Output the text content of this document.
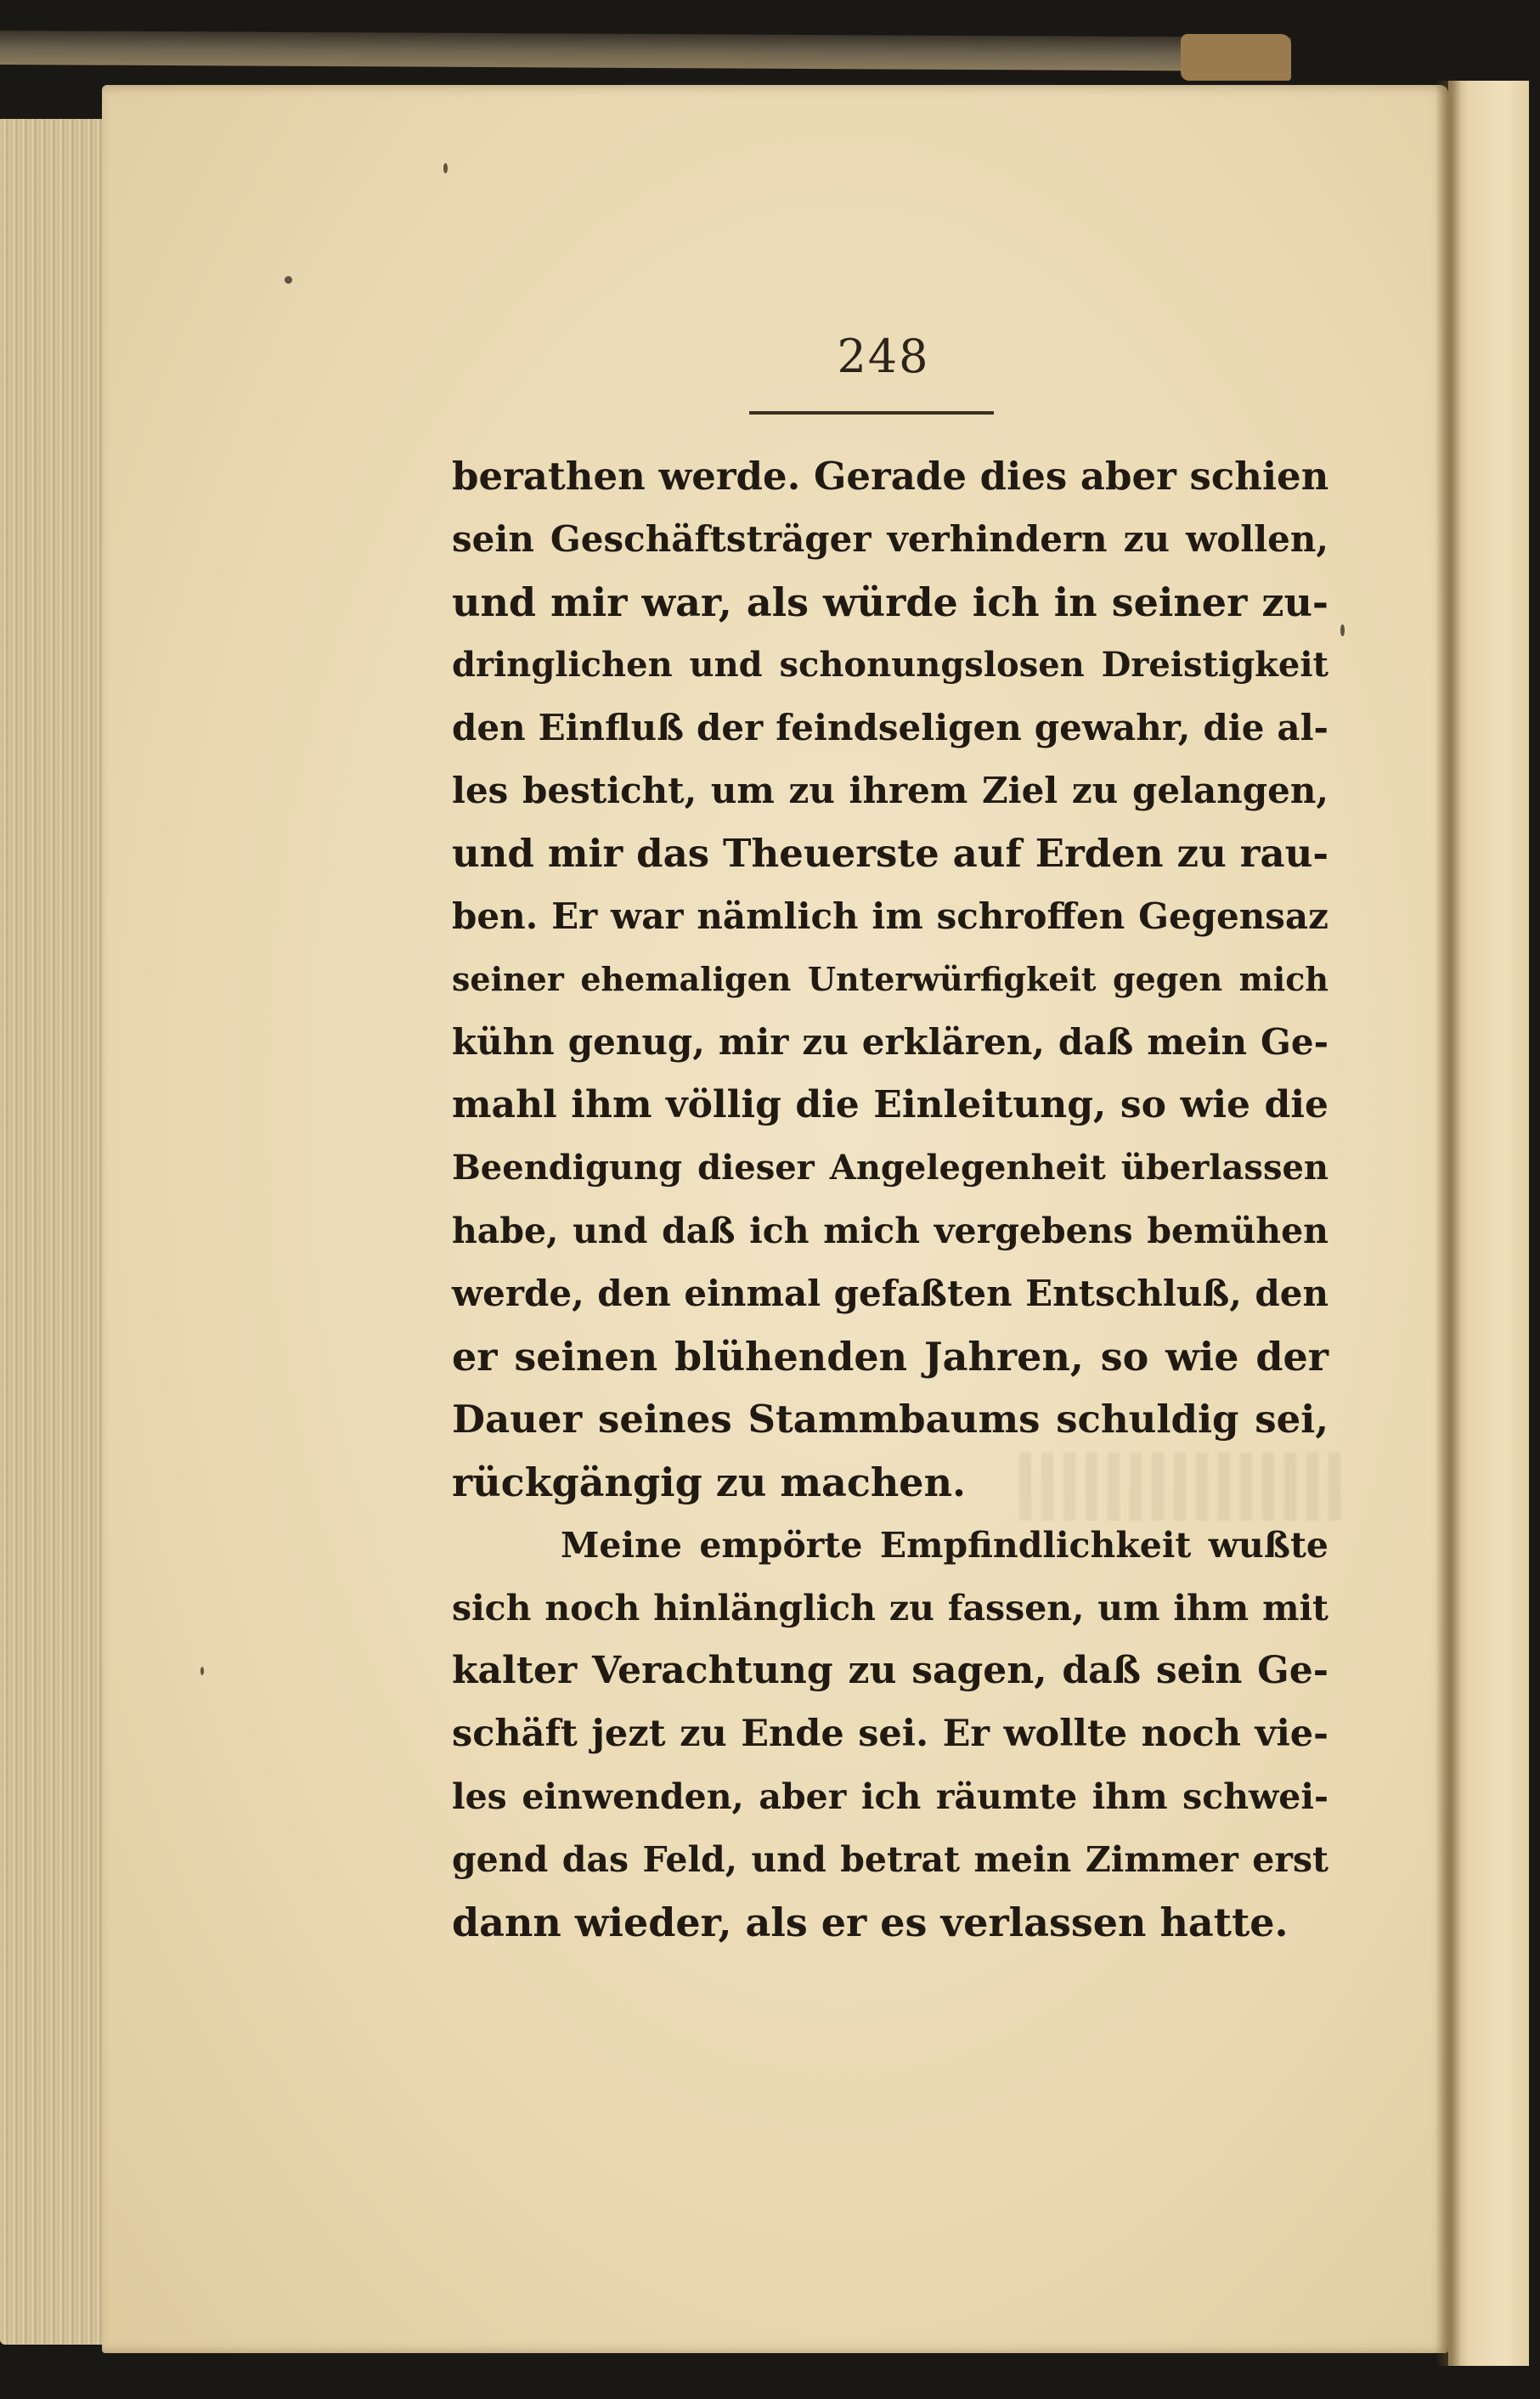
248
berathen werde. Gerade dies aber schien
sein Geschäftsträger verhindern zu wollen,
und mir war, als würde ich in seiner zu-
dringlichen und schonungslosen Dreistigkeit
den Einfluß der feindseligen gewahr, die al-
les besticht, um zu ihrem Ziel zu gelangen,
und mir das Theuerste auf Erden zu rau-
ben. Er war nämlich im schroffen Gegensaz
seiner ehemaligen Unterwürfigkeit gegen mich
kühn genug, mir zu erklären, daß mein Ge-
mahl ihm völlig die Einleitung, so wie die
Beendigung dieser Angelegenheit überlassen
habe, und daß ich mich vergebens bemühen
werde, den einmal gefaßten Entschluß, den
er seinen blühenden Jahren, so wie der
Dauer seines Stammbaums schuldig sei,
rückgängig zu machen.
Meine empörte Empfindlichkeit wußte
sich noch hinlänglich zu fassen, um ihm mit
kalter Verachtung zu sagen, daß sein Ge-
schäft jezt zu Ende sei. Er wollte noch vie-
les einwenden, aber ich räumte ihm schwei-
gend das Feld, und betrat mein Zimmer erst
dann wieder, als er es verlassen hatte.
